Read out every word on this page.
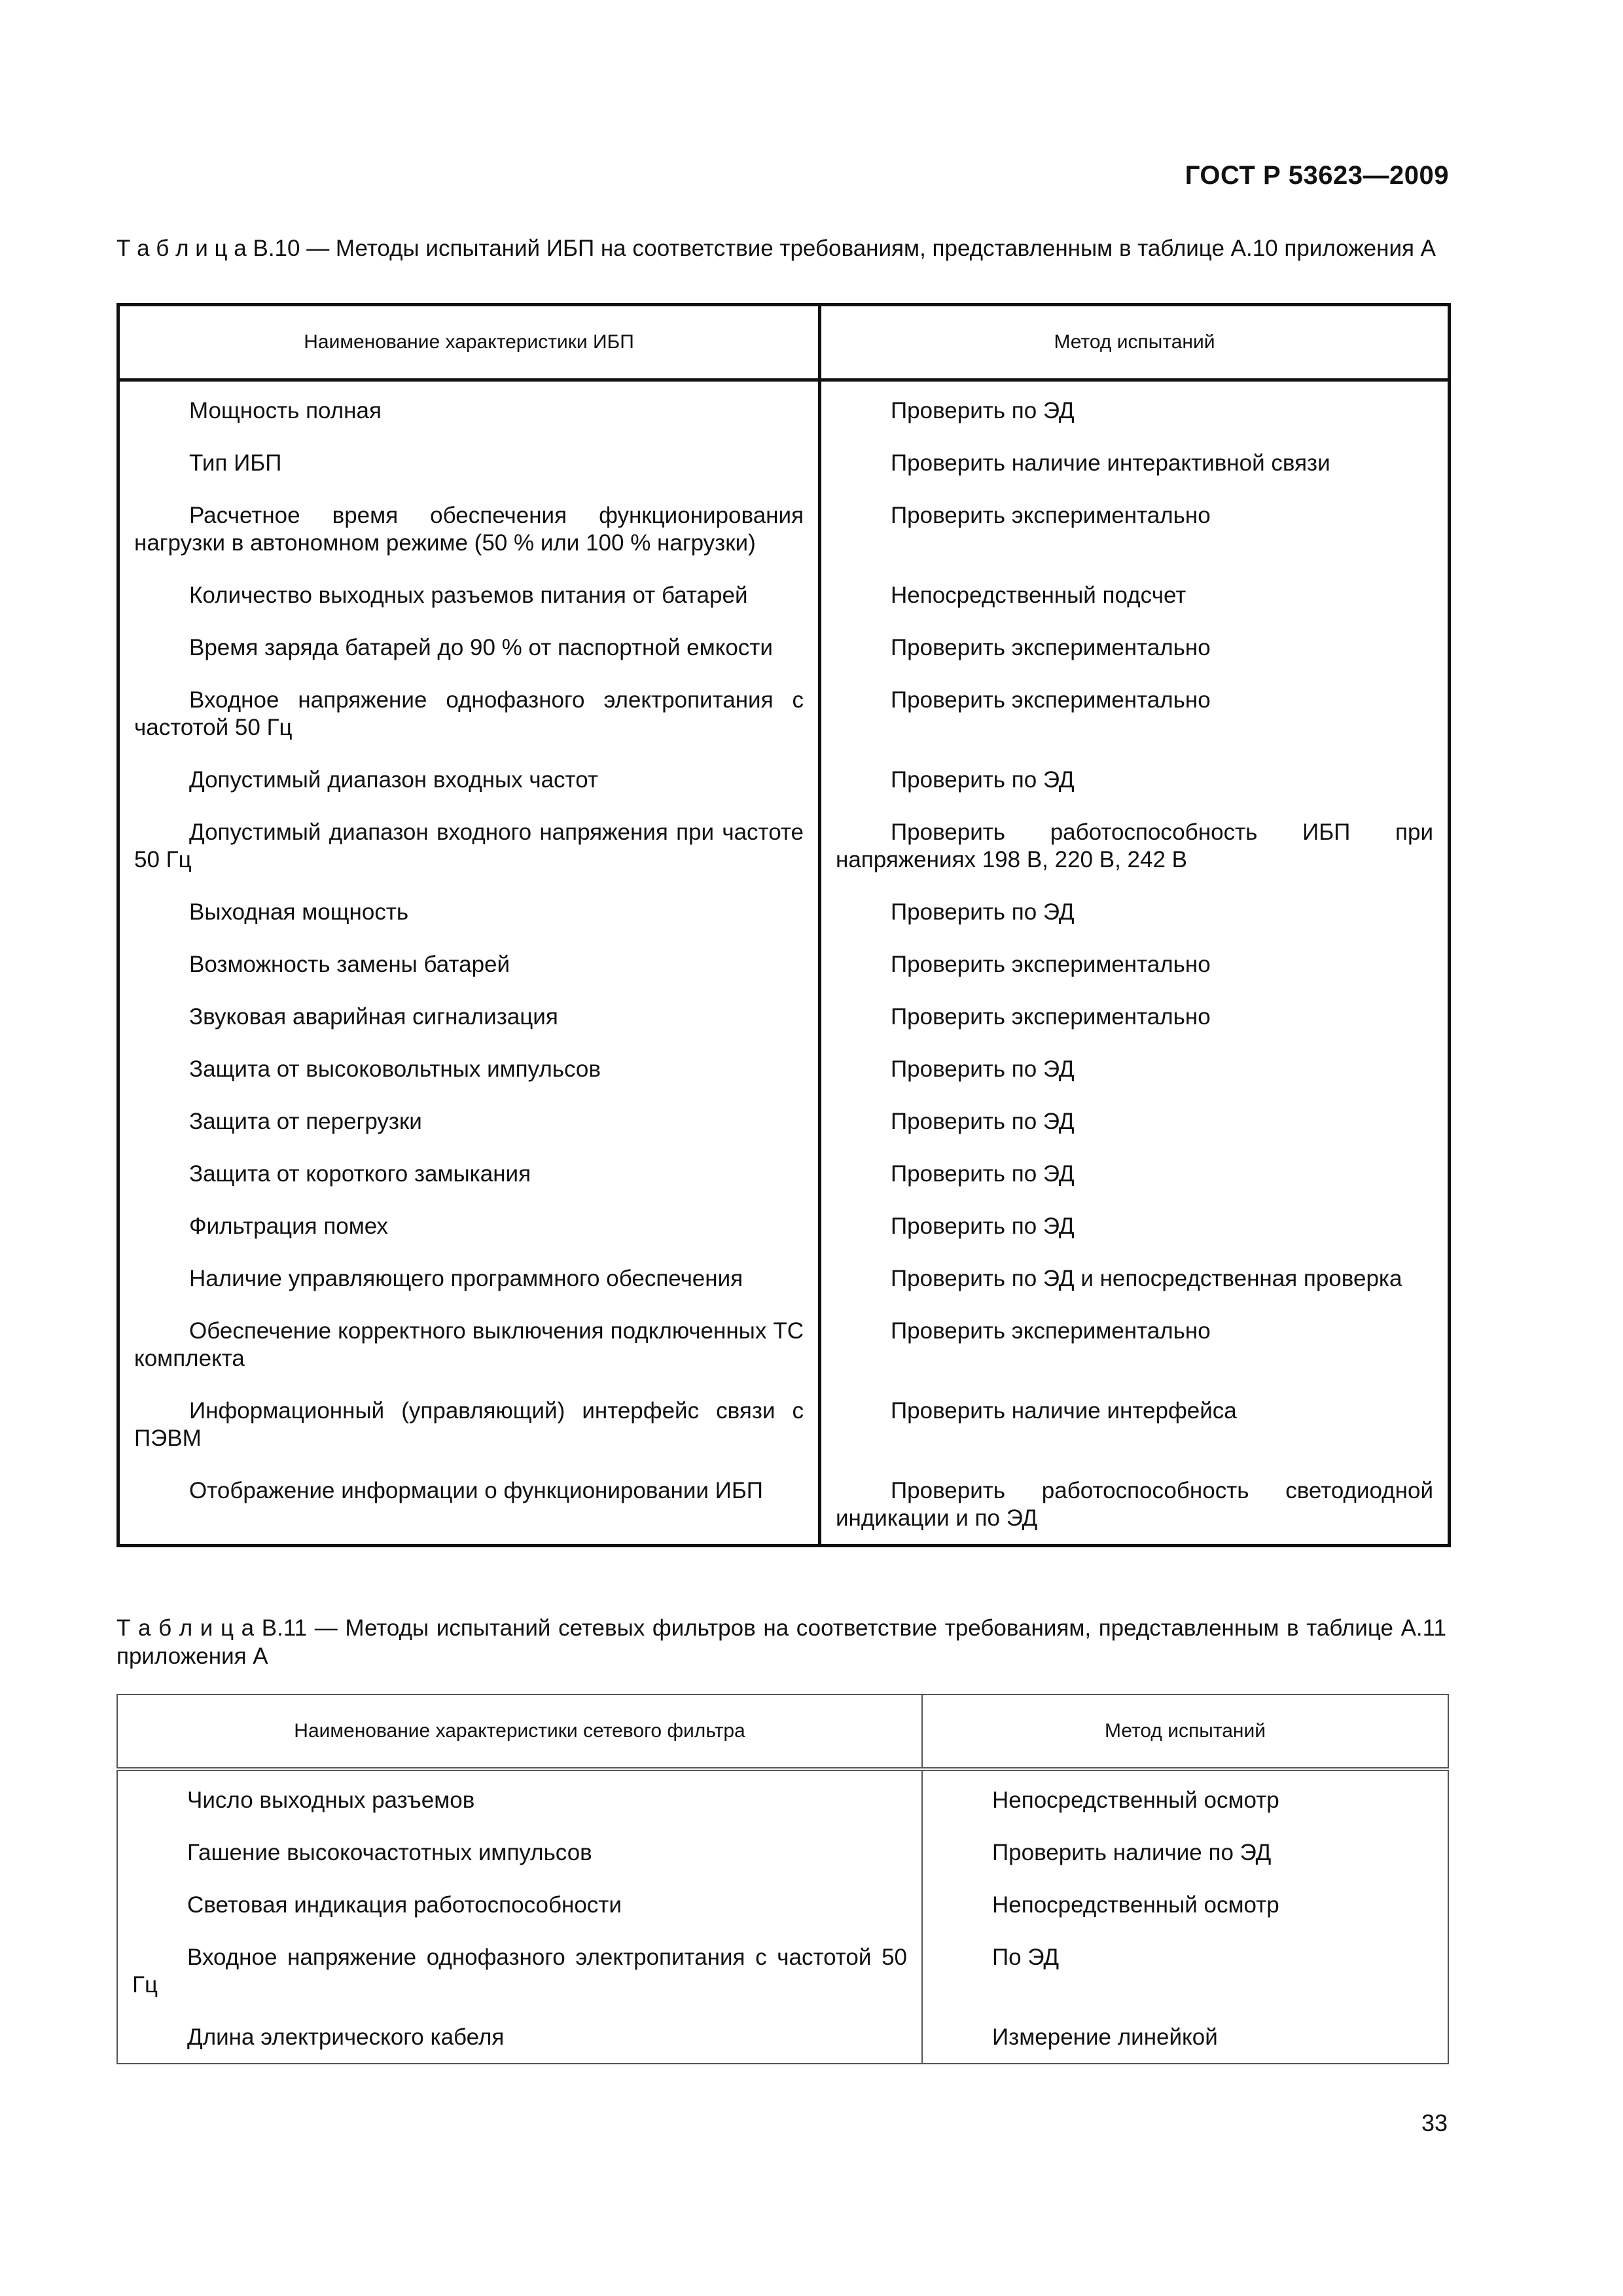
ГОСТ Р 53623—2009
Т а б л и ц а В.10 — Методы испытаний ИБП на соответствие требованиям, представленным в таблице А.10 приложения А
Наименование характеристики ИБП	Метод испытаний

Мощность полная	Проверить по ЭД

Тип ИБП	Проверить наличие интерактивной связи

Расчетное время обеспечения функционирования нагрузки в автономном режиме (50 % или 100 % нагрузки)	Проверить экспериментально

Количество выходных разъемов питания от батарей	Непосредственный подсчет

Время заряда батарей до 90 % от паспортной емкости	Проверить экспериментально

Входное напряжение однофазного электропитания с частотой 50 Гц	Проверить экспериментально

Допустимый диапазон входных частот	Проверить по ЭД

Допустимый диапазон входного напряжения при частоте 50 Гц	Проверить работоспособность ИБП при напряжениях 198 В, 220 В, 242 В

Выходная мощность	Проверить по ЭД

Возможность замены батарей	Проверить экспериментально

Звуковая аварийная сигнализация	Проверить экспериментально

Защита от высоковольтных импульсов	Проверить по ЭД

Защита от перегрузки	Проверить по ЭД

Защита от короткого замыкания	Проверить по ЭД

Фильтрация помех	Проверить по ЭД

Наличие управляющего программного обеспечения	Проверить по ЭД и непосредственная проверка

Обеспечение корректного выключения подключенных ТС комплекта	Проверить экспериментально

Информационный (управляющий) интерфейс связи с ПЭВМ	Проверить наличие интерфейса

Отображение информации о функционировании ИБП	Проверить работоспособность светодиодной индикации и по ЭД
Т а б л и ц а В.11 — Методы испытаний сетевых фильтров на соответствие требованиям, представленным в таблице А.11 приложения А
Наименование характеристики сетевого фильтра	Метод испытаний

Число выходных разъемов	Непосредственный осмотр

Гашение высокочастотных импульсов	Проверить наличие по ЭД

Световая индикация работоспособности	Непосредственный осмотр

Входное напряжение однофазного электропитания с частотой 50 Гц	По ЭД

Длина электрического кабеля	Измерение линейкой
33
